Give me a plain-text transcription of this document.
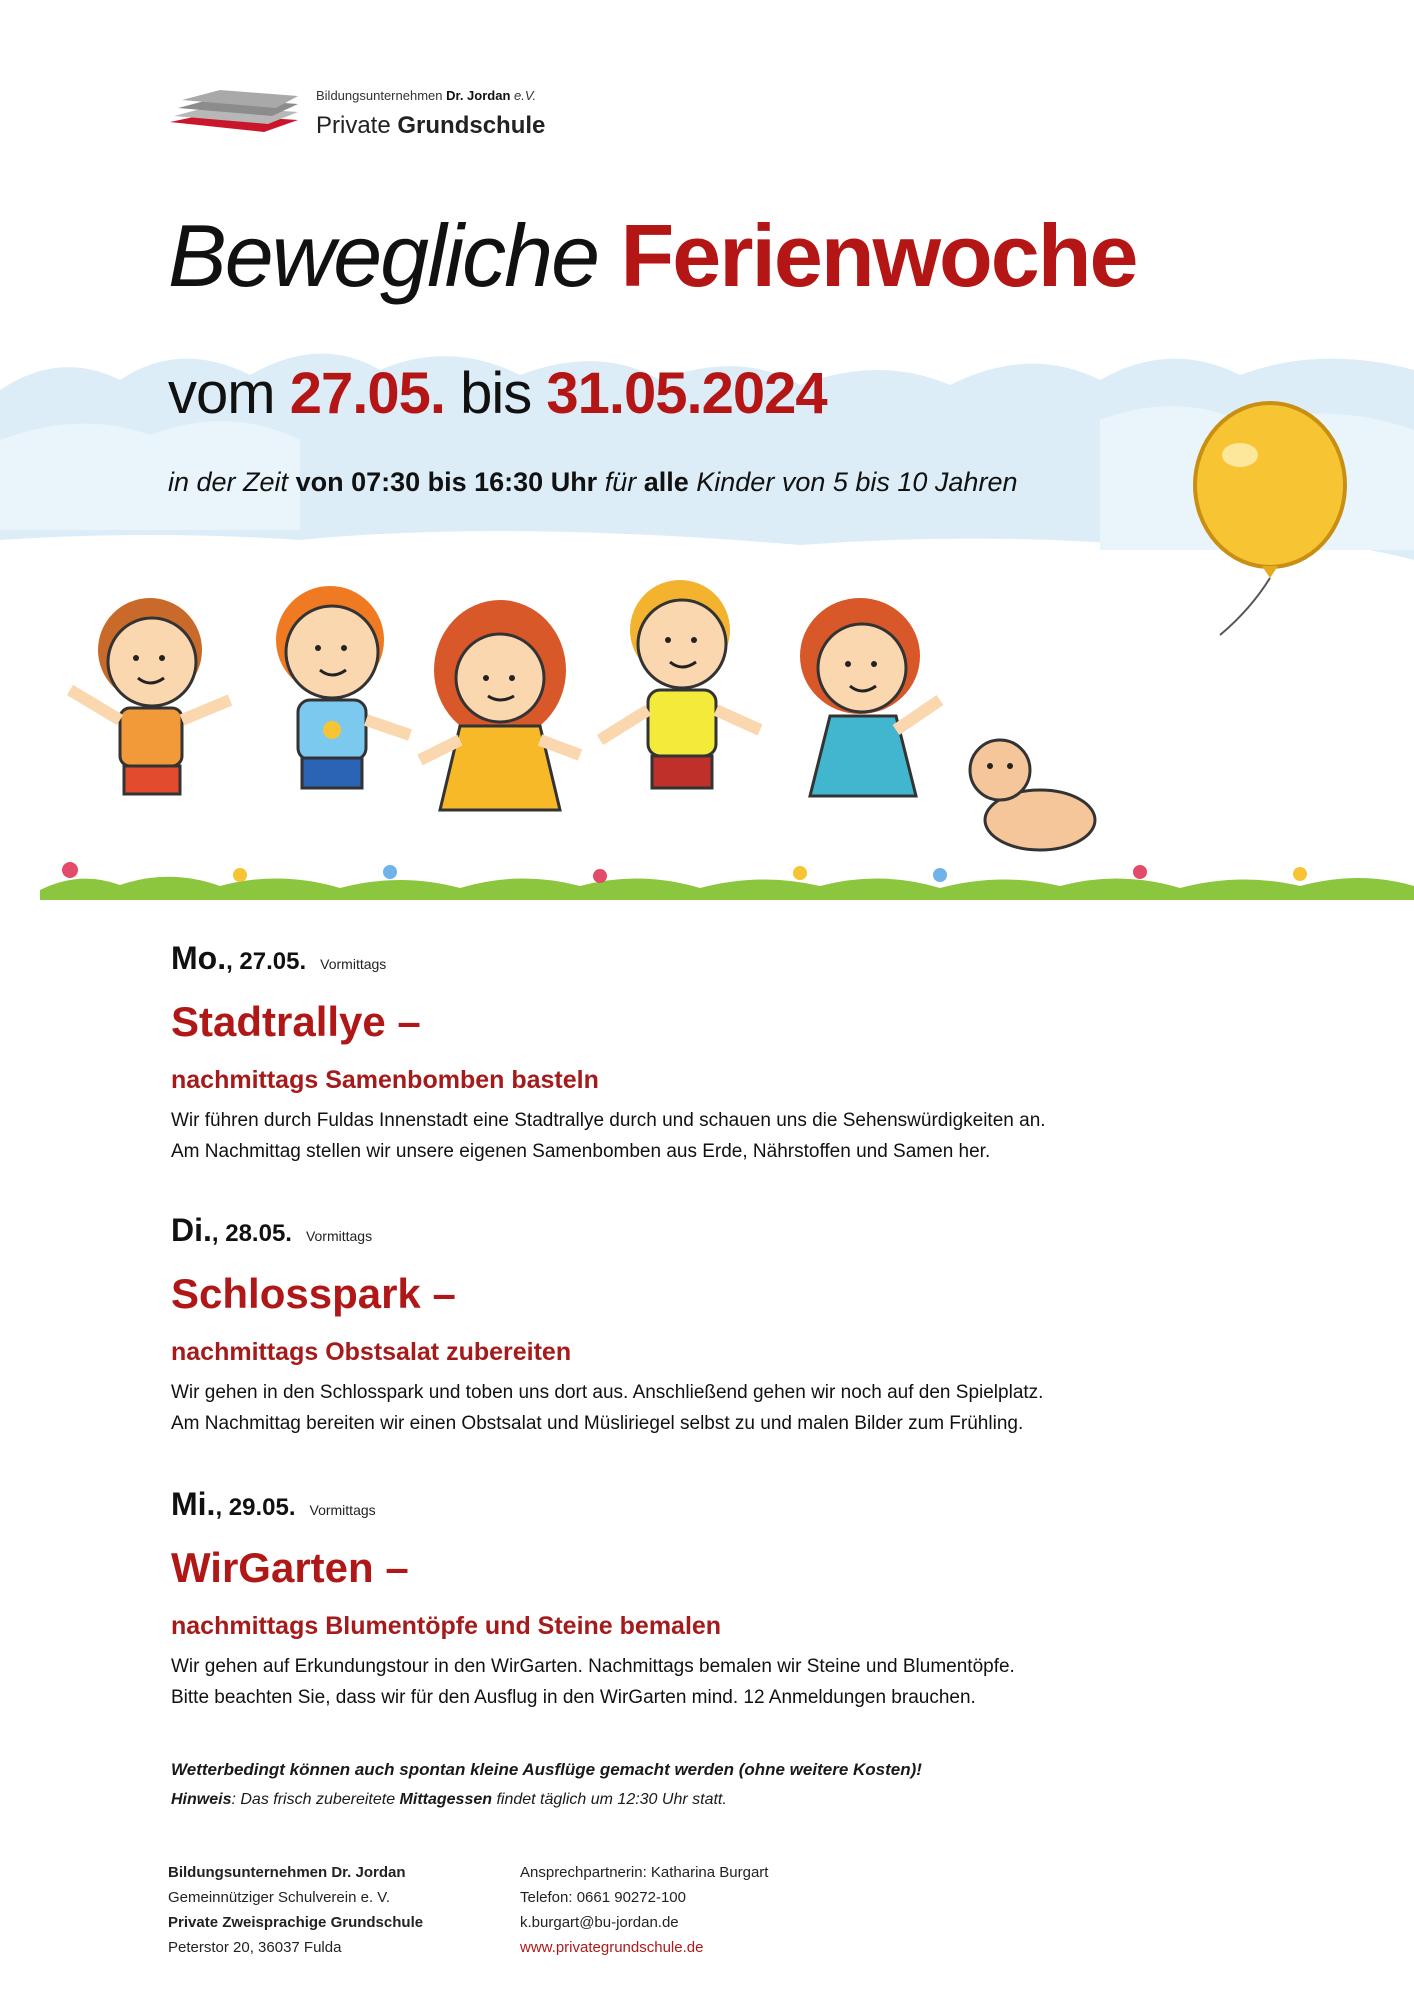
Bildungsunternehmen Dr. Jordan e.V.
Private Grundschule
Bewegliche Ferienwoche
vom 27.05. bis 31.05.2024
in der Zeit von 07:30 bis 16:30 Uhr für alle Kinder von 5 bis 10 Jahren
Mo., 27.05. Vormittags
Stadtrallye –
nachmittags Samenbomben basteln
Wir führen durch Fuldas Innenstadt eine Stadtrallye durch und schauen uns die Sehenswürdigkeiten an.
Am Nachmittag stellen wir unsere eigenen Samenbomben aus Erde, Nährstoffen und Samen her.
Di., 28.05. Vormittags
Schlosspark –
nachmittags Obstsalat zubereiten
Wir gehen in den Schlosspark und toben uns dort aus. Anschließend gehen wir noch auf den Spielplatz.
Am Nachmittag bereiten wir einen Obstsalat und Müsliriegel selbst zu und malen Bilder zum Frühling.
Mi., 29.05. Vormittags
WirGarten –
nachmittags Blumentöpfe und Steine bemalen
Wir gehen auf Erkundungstour in den WirGarten. Nachmittags bemalen wir Steine und Blumentöpfe.
Bitte beachten Sie, dass wir für den Ausflug in den WirGarten mind. 12 Anmeldungen brauchen.
Wetterbedingt können auch spontan kleine Ausflüge gemacht werden (ohne weitere Kosten)!
Hinweis: Das frisch zubereitete Mittagessen findet täglich um 12:30 Uhr statt.
Bildungsunternehmen Dr. Jordan
Gemeinnütziger Schulverein e. V.
Private Zweisprachige Grundschule
Peterstor 20, 36037 Fulda
Ansprechpartnerin: Katharina Burgart
Telefon: 0661 90272-100
k.burgart@bu-jordan.de
www.privategrundschule.de
